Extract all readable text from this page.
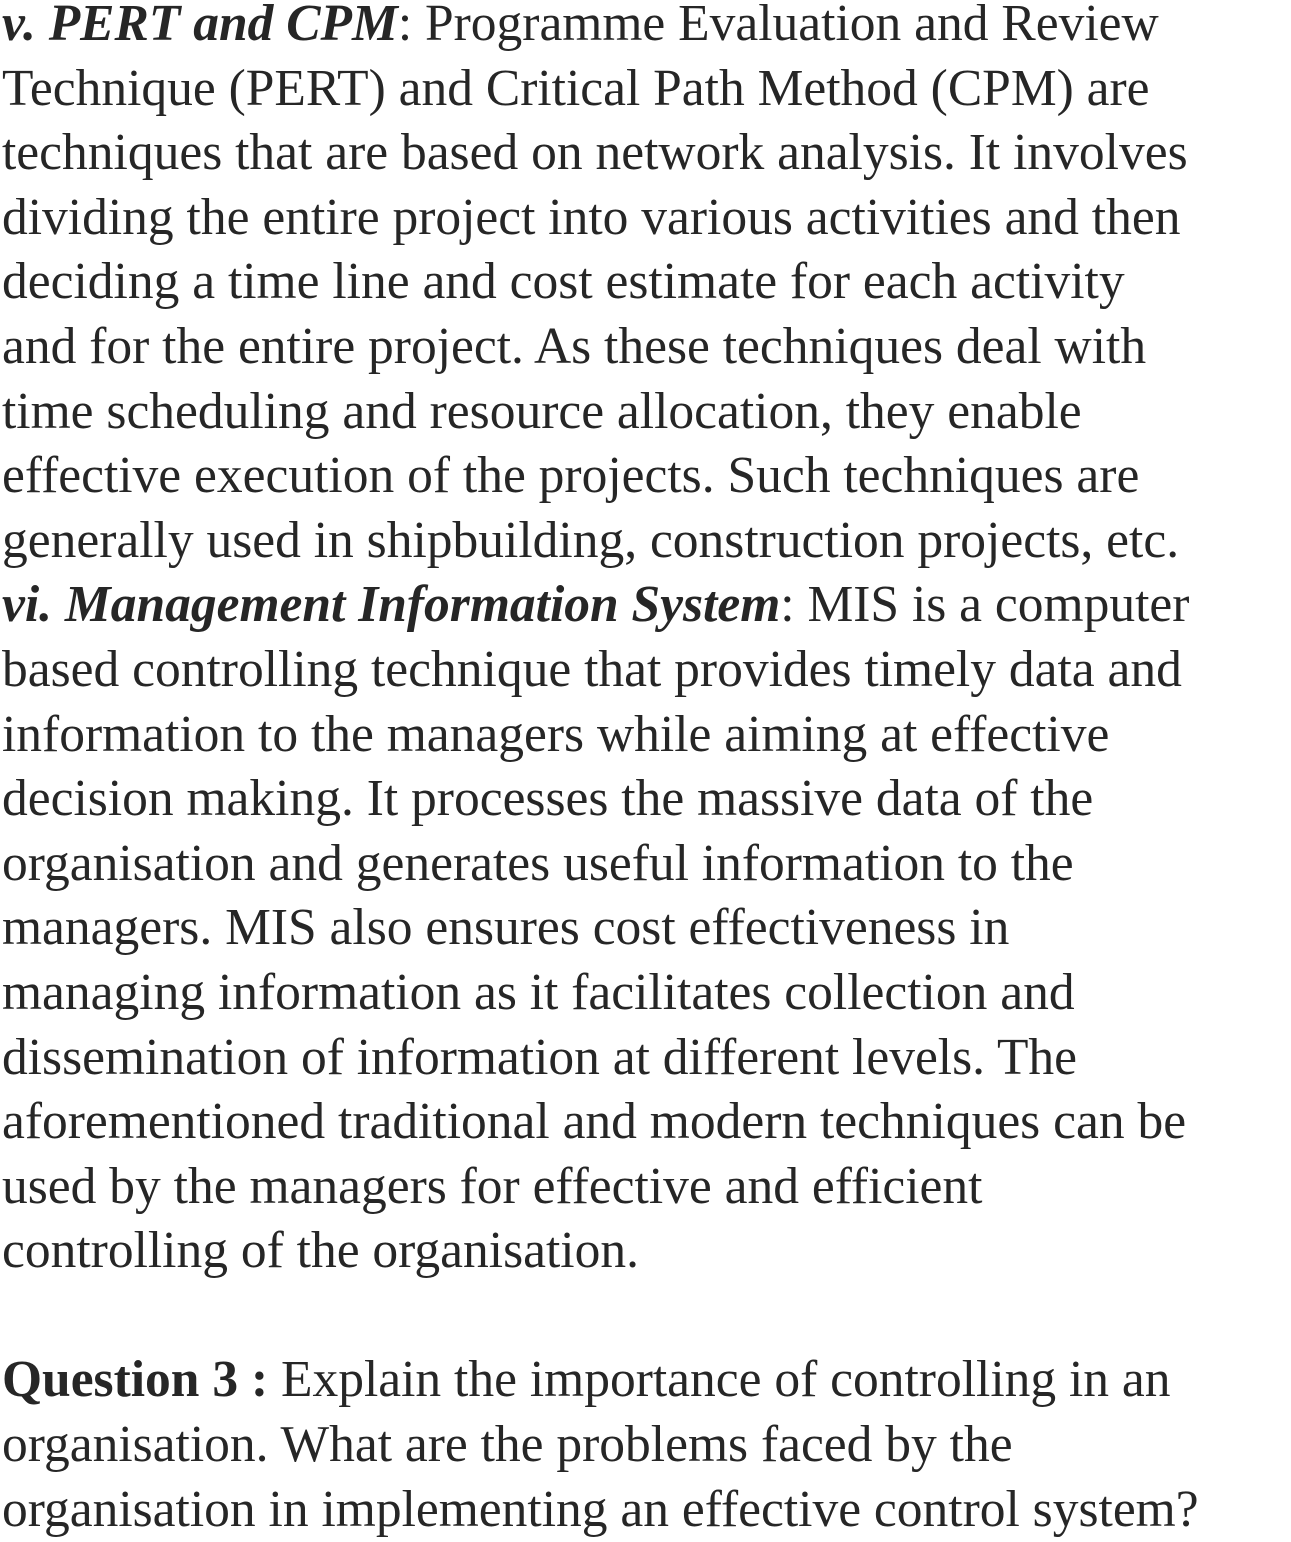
v. PERT and CPM: Programme Evaluation and Review
Technique (PERT) and Critical Path Method (CPM) are
techniques that are based on network analysis. It involves
dividing the entire project into various activities and then
deciding a time line and cost estimate for each activity
and for the entire project. As these techniques deal with
time scheduling and resource allocation, they enable
effective execution of the projects. Such techniques are
generally used in shipbuilding, construction projects, etc.
vi. Management Information System: MIS is a computer
based controlling technique that provides timely data and
information to the managers while aiming at effective
decision making. It processes the massive data of the
organisation and generates useful information to the
managers. MIS also ensures cost effectiveness in
managing information as it facilitates collection and
dissemination of information at different levels. The
aforementioned traditional and modern techniques can be
used by the managers for effective and efficient
controlling of the organisation.
Question 3 : Explain the importance of controlling in an
organisation. What are the problems faced by the
organisation in implementing an effective control system?
